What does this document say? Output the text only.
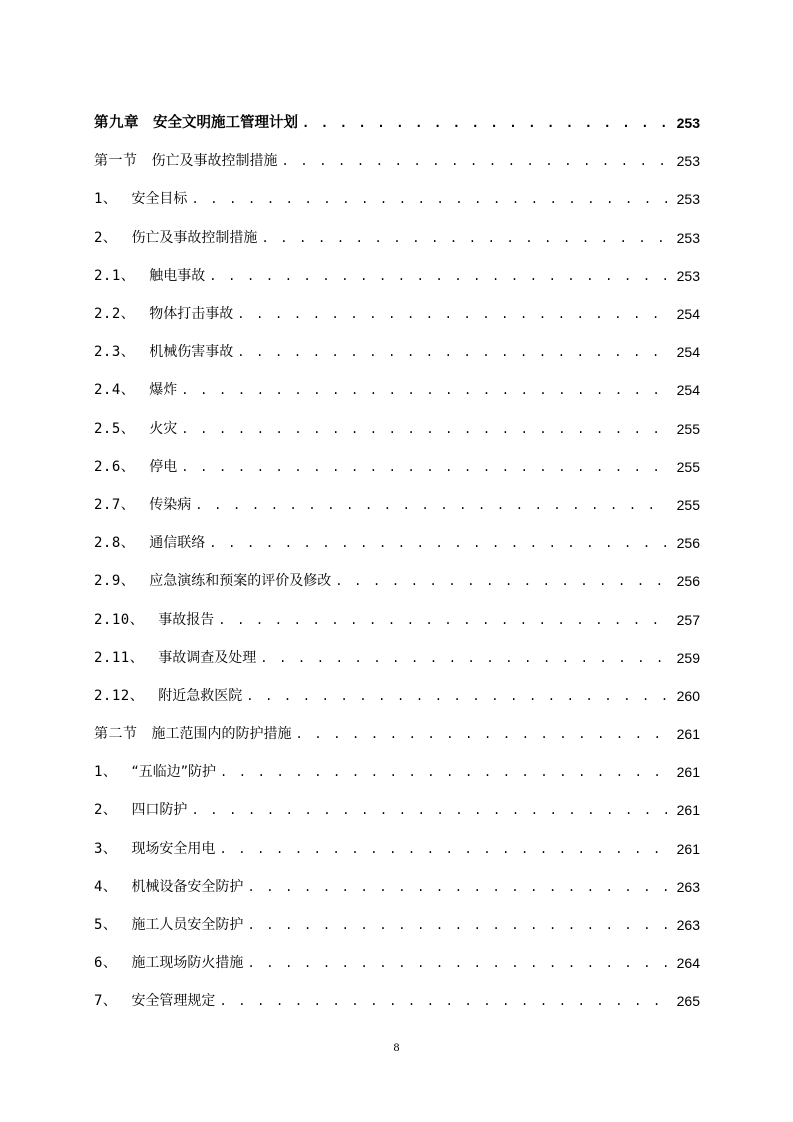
第九章 安全文明施工管理计划 . . .	253
第一节 伤亡及事故控制措施 . . .	253
1、 安全目标 . . .	253
2、 伤亡及事故控制措施 . . .	253
2.1、 触电事故 . . .	253
2.2、 物体打击事故 . . .	254
2.3、 机械伤害事故 . . .	254
2.4、 爆炸 . . .	254
2.5、 火灾 . . .	255
2.6、 停电 . . .	255
2.7、 传染病 . . .	255
2.8、 通信联络 . . .	256
2.9、 应急演练和预案的评价及修改 . . .	256
2.10、 事故报告 . . .	257
2.11、 事故调查及处理 . . .	259
2.12、 附近急救医院 . . .	260
第二节 施工范围内的防护措施 . . .	261
1、 “五临边”防护 . . .	261
2、 四口防护 . . .	261
3、 现场安全用电 . . .	261
4、 机械设备安全防护 . . .	263
5、 施工人员安全防护 . . .	263
6、 施工现场防火措施 . . .	264
7、 安全管理规定 . . .	265
8
